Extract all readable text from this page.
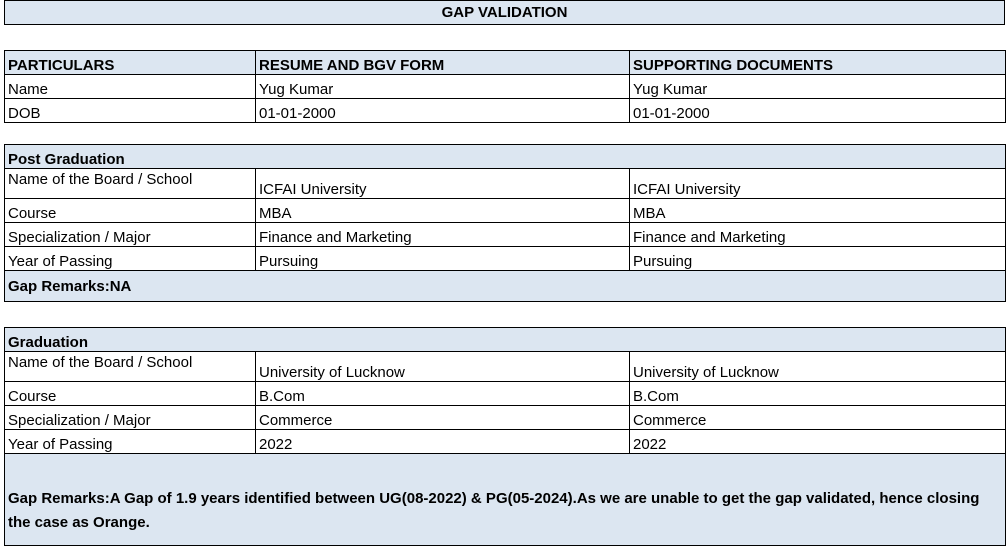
GAP VALIDATION
PARTICULARS	RESUME AND BGV FORM	SUPPORTING DOCUMENTS
Name	Yug Kumar	Yug Kumar
DOB	01-01-2000	01-01-2000
Post Graduation		
Name of the Board / School	ICFAI University	ICFAI University
Course	MBA	MBA
Specialization / Major	Finance and Marketing	Finance and Marketing
Year of Passing	Pursuing	Pursuing
Gap Remarks:NA		
Graduation		
Name of the Board / School	University of Lucknow	University of Lucknow
Course	B.Com	B.Com
Specialization / Major	Commerce	Commerce
Year of Passing	2022	2022
Gap Remarks:A Gap of 1.9 years identified between UG(08-2022) & PG(05-2024).As we are unable to get the gap validated, hence closing the case as Orange.		
